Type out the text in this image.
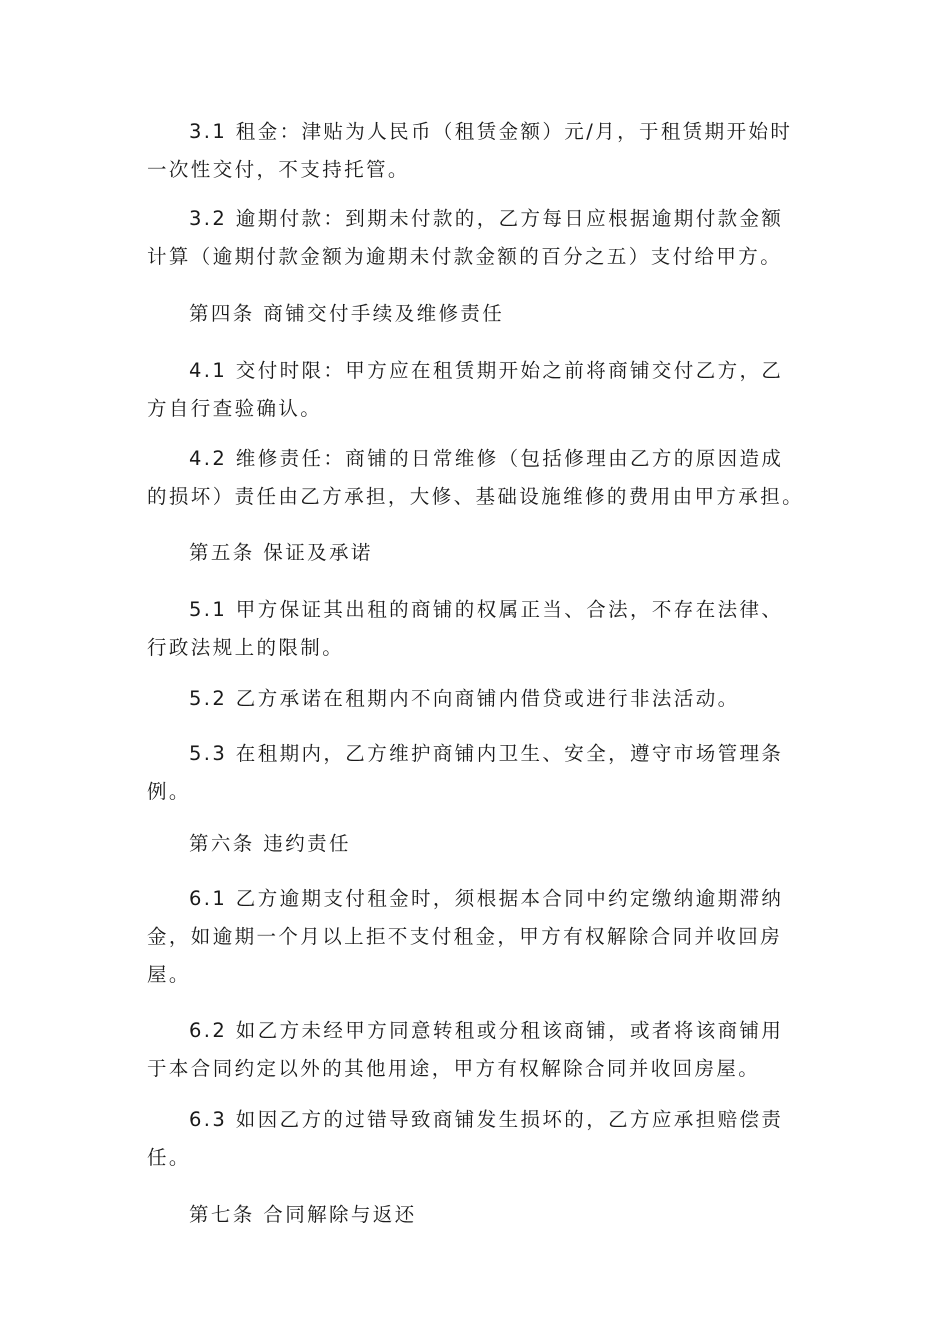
3.1 租金：津贴为人民币（租赁金额）元/月，于租赁期开始时
一次性交付，不支持托管。
3.2 逾期付款：到期未付款的，乙方每日应根据逾期付款金额
计算（逾期付款金额为逾期未付款金额的百分之五）支付给甲方。
第四条 商铺交付手续及维修责任
4.1 交付时限：甲方应在租赁期开始之前将商铺交付乙方，乙
方自行查验确认。
4.2 维修责任：商铺的日常维修（包括修理由乙方的原因造成
的损坏）责任由乙方承担，大修、基础设施维修的费用由甲方承担。
第五条 保证及承诺
5.1 甲方保证其出租的商铺的权属正当、合法，不存在法律、
行政法规上的限制。
5.2 乙方承诺在租期内不向商铺内借贷或进行非法活动。
5.3 在租期内，乙方维护商铺内卫生、安全，遵守市场管理条
例。
第六条 违约责任
6.1 乙方逾期支付租金时，须根据本合同中约定缴纳逾期滞纳
金，如逾期一个月以上拒不支付租金，甲方有权解除合同并收回房
屋。
6.2 如乙方未经甲方同意转租或分租该商铺，或者将该商铺用
于本合同约定以外的其他用途，甲方有权解除合同并收回房屋。
6.3 如因乙方的过错导致商铺发生损坏的，乙方应承担赔偿责
任。
第七条 合同解除与返还
